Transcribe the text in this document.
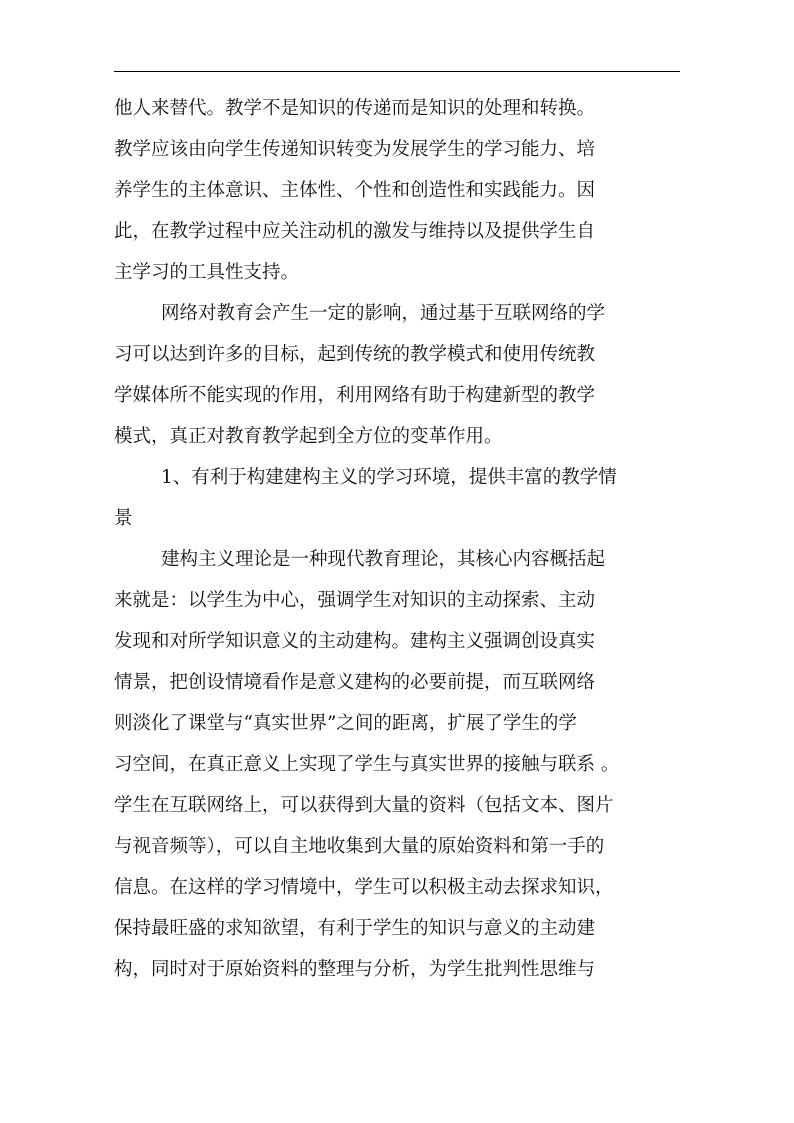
他人来替代。教学不是知识的传递而是知识的处理和转换。
教学应该由向学生传递知识转变为发展学生的学习能力、培
养学生的主体意识、主体性、个性和创造性和实践能力。因
此，在教学过程中应关注动机的激发与维持以及提供学生自
主学习的工具性支持。
网络对教育会产生一定的影响，通过基于互联网络的学
习可以达到许多的目标，起到传统的教学模式和使用传统教
学媒体所不能实现的作用，利用网络有助于构建新型的教学
模式，真正对教育教学起到全方位的变革作用。
1、有利于构建建构主义的学习环境，提供丰富的教学情
景
建构主义理论是一种现代教育理论，其核心内容概括起
来就是：以学生为中心，强调学生对知识的主动探索、主动
发现和对所学知识意义的主动建构。建构主义强调创设真实
情景，把创设情境看作是意义建构的必要前提，而互联网络
则淡化了课堂与“真实世界”之间的距离，扩展了学生的学
习空间，在真正意义上实现了学生与真实世界的接触与联系 。
学生在互联网络上，可以获得到大量的资料（包括文本、图片
与视音频等），可以自主地收集到大量的原始资料和第一手的
信息。在这样的学习情境中，学生可以积极主动去探求知识，
保持最旺盛的求知欲望，有利于学生的知识与意义的主动建
构，同时对于原始资料的整理与分析，为学生批判性思维与
